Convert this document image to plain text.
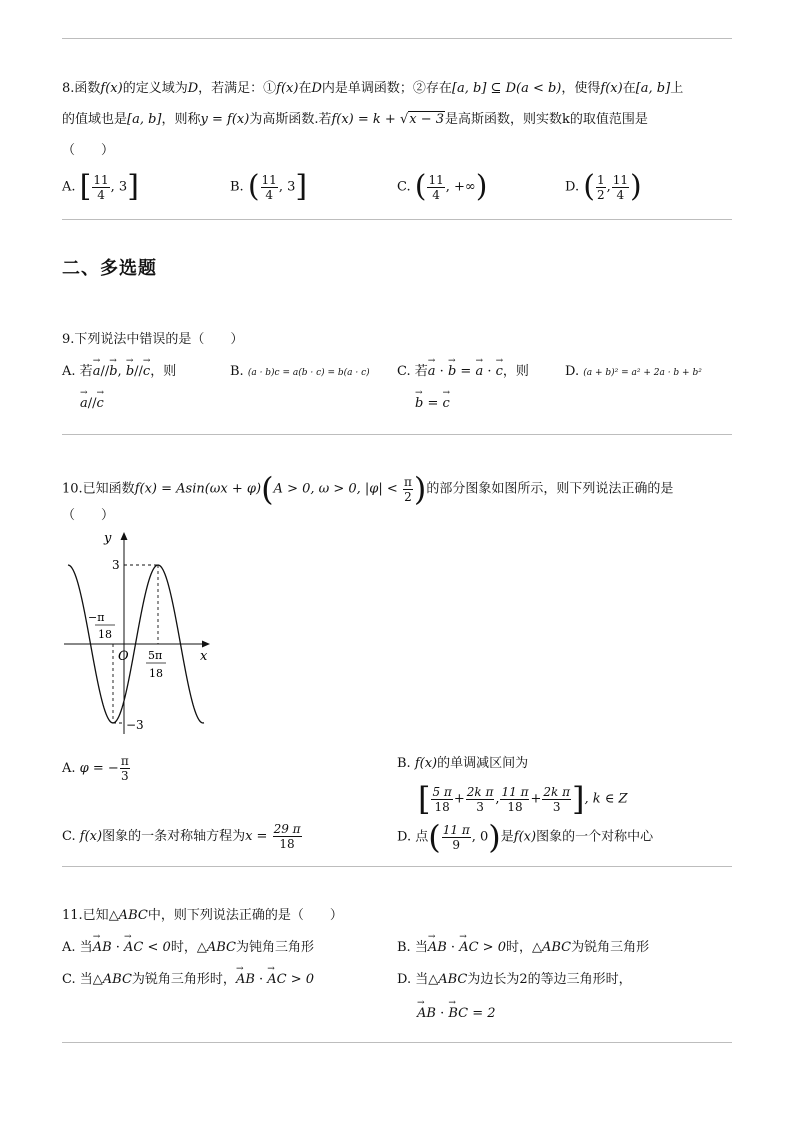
8.函数f(x)的定义域为D，若满足：①f(x)在D内是单调函数；②存在[a, b] ⊆ D(a < b)，使得f(x)在[a, b]上
的值域也是[a, b]，则称y = f(x)为高斯函数.若f(x) = k + √x − 3是高斯函数，则实数k的取值范围是
（　　）
A. [ $\frac{11}{4}$ , 3]	B. ( $\frac{11}{4}$ , 3]	C. ( $\frac{11}{4}$ , +∞)	D. ( $\frac{1}{2}$ , $\frac{11}{4}$ )
二、多选题
9.下列说法中错误的是（　　）
A. 若→ a//→ b, → b//→ c，则
→ a//→ c
B. (a · b)c = a(b · c) = b(a · c) C. 若→ a · → b = → a · → c，则
→ b = → c
D. (a + b)² = a² + 2a · b + b²
10.已知函数f(x) = Asin(ωx + φ)(A > 0, ω > 0, $|\varphi| < \frac{\pi}{2}$ )的部分图象如图所示，则下列说法正确的是
（　　）
y
x
3
−3
O
−π
18
5π
18
A. φ = − $\frac{\pi}{3}$	B. f(x)的单调减区间为
[ $\frac{5 \pi}{18} + \frac{\text{2k π}}{3}$ , $\frac{11 \pi}{18} + \frac{\text{2k π}}{3}$ ], k ∈ Z
C. f(x)图象的一条对称轴方程为$x = \frac{29 \pi}{18}$	D. 点( $\frac{11 \pi}{9}$ , 0)是f(x)图象的一个对称中心
11.已知△ABC中，则下列说法正确的是（　　）
A. 当→ AB · → AC < 0时，△ABC为钝角三角形	B. 当→ AB · → AC > 0时，△ABC为锐角三角形
C. 当△ABC为锐角三角形时，→ AB · → AC > 0	D. 当△ABC为边长为2的等边三角形时，
→ AB · → BC = 2
